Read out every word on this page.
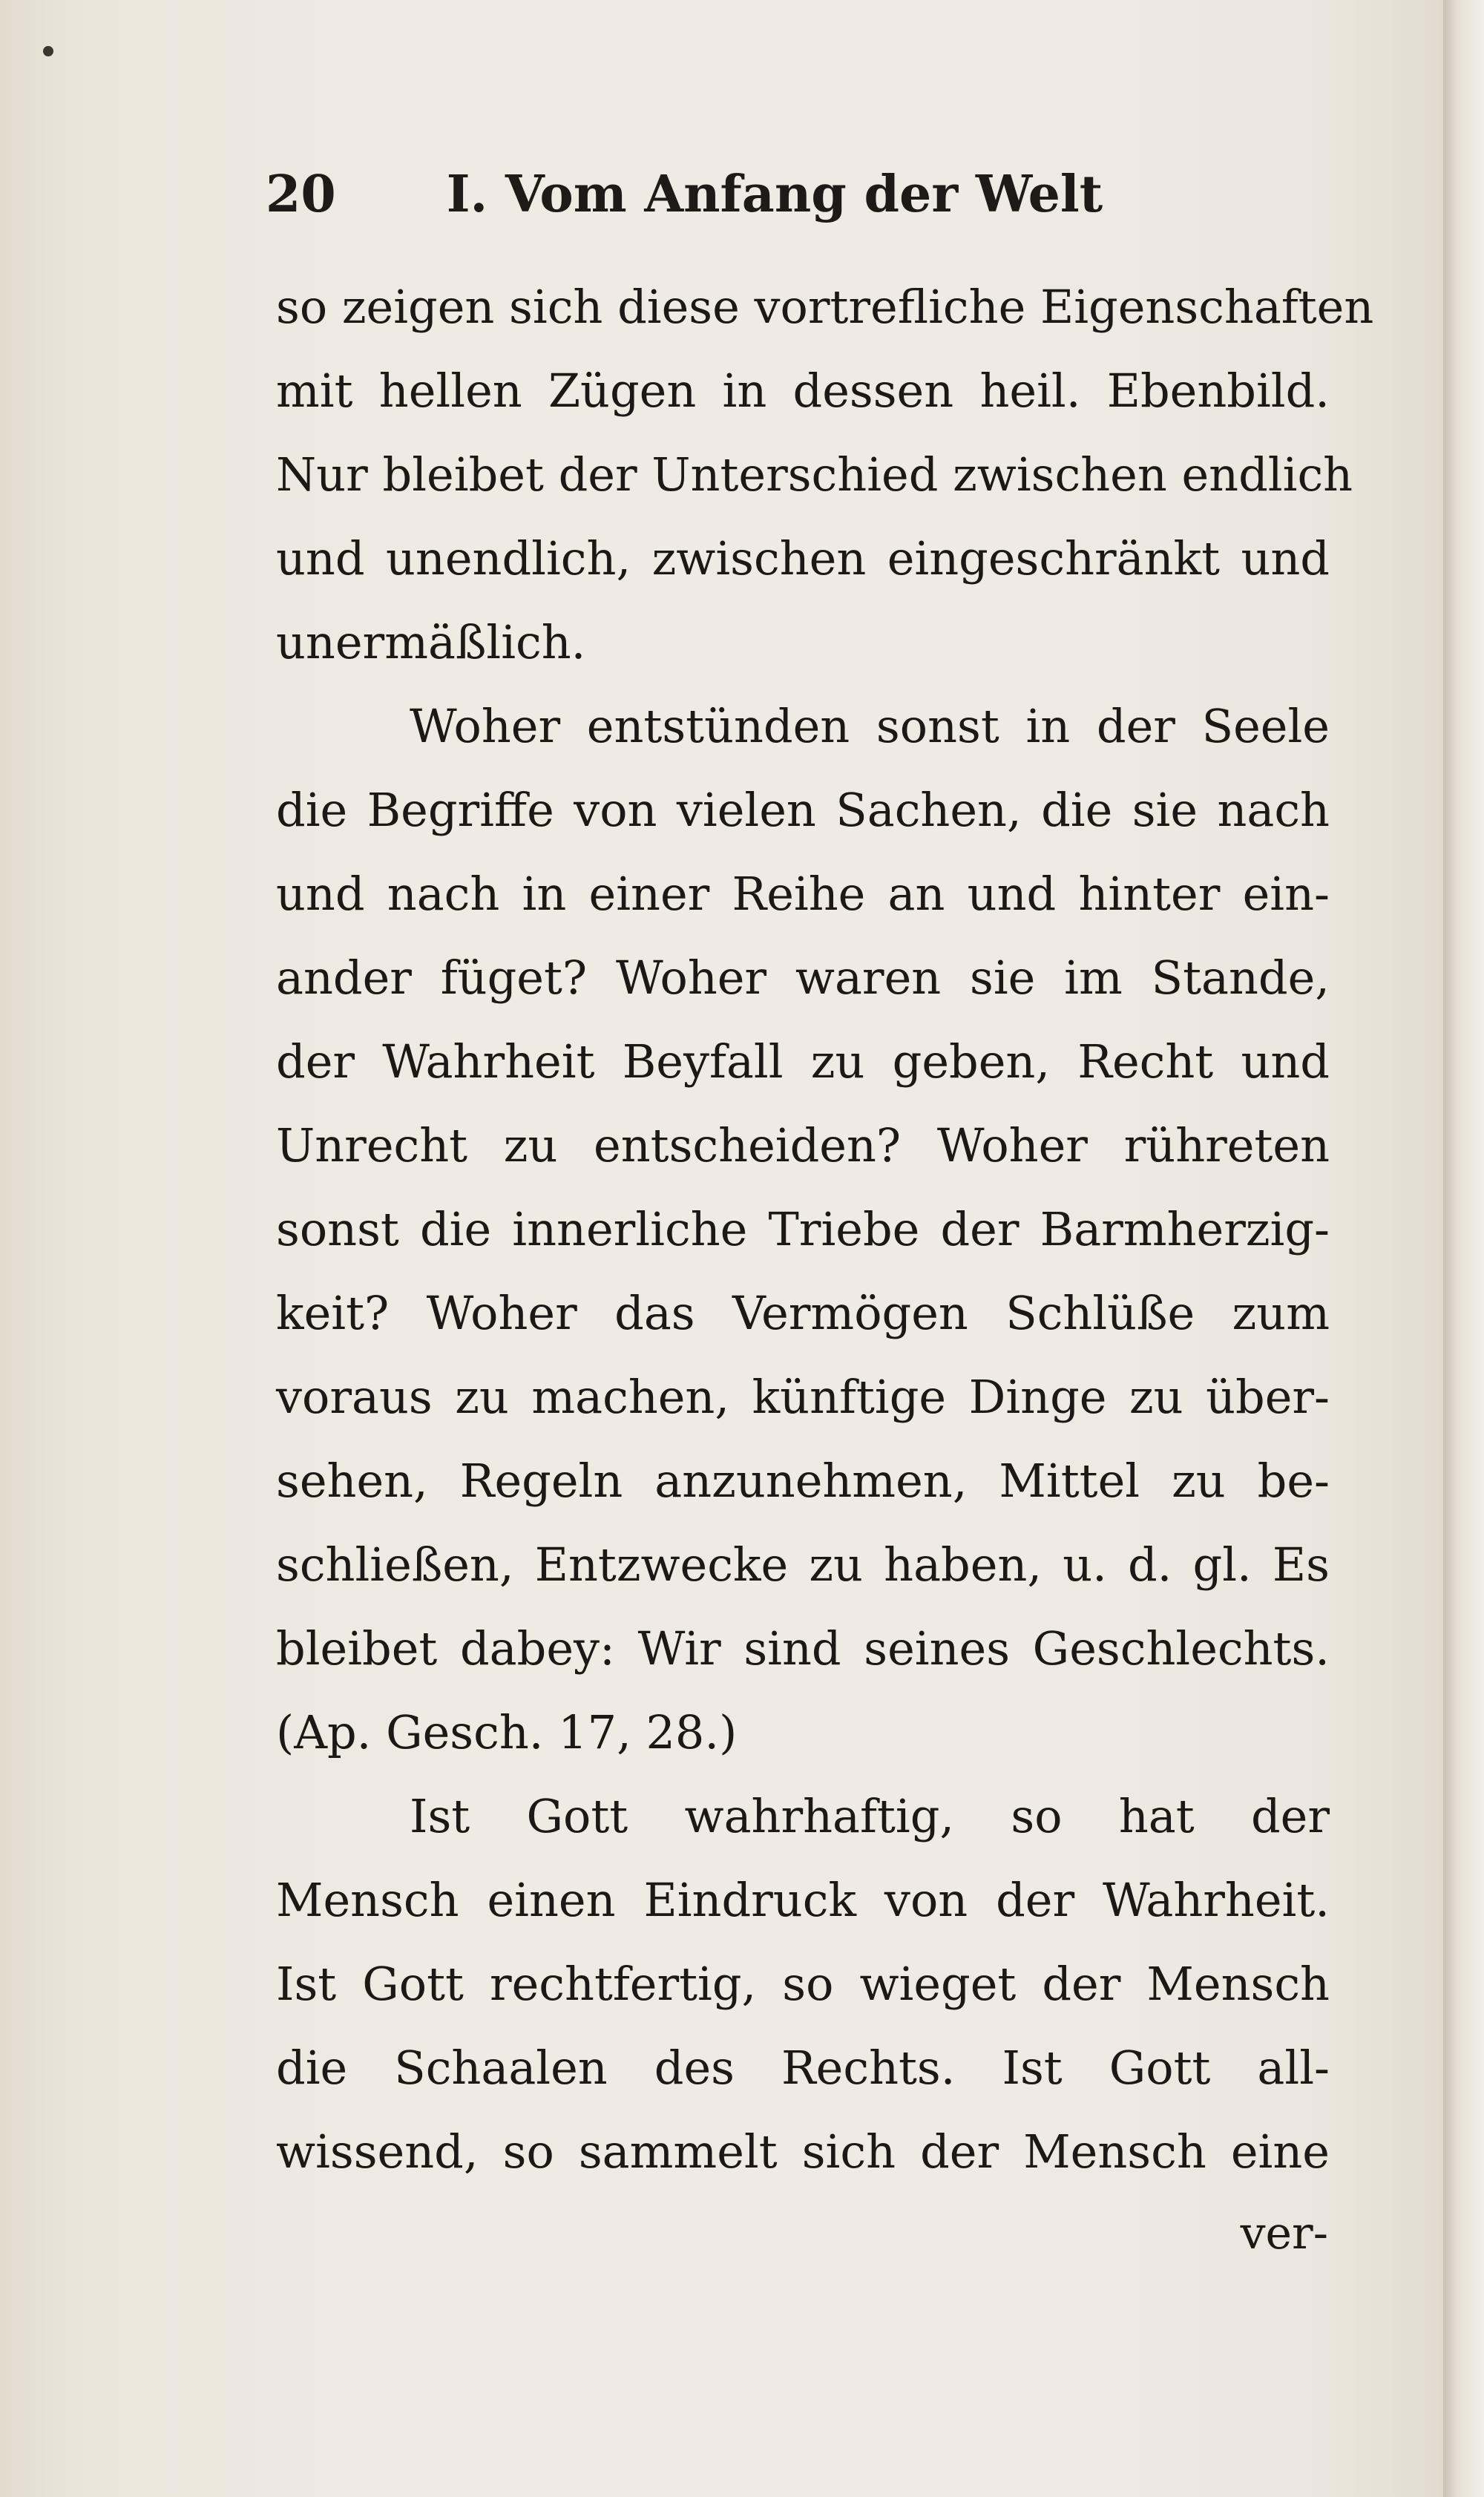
20 I. Vom Anfang der Welt
so zeigen sich diese vortrefliche Eigenschaften
mit hellen Zügen in dessen heil. Ebenbild.
Nur bleibet der Unterschied zwischen endlich
und unendlich, zwischen eingeschränkt und
unermäßlich.
Woher entstünden sonst in der Seele
die Begriffe von vielen Sachen, die sie nach
und nach in einer Reihe an und hinter ein-
ander füget? Woher waren sie im Stande,
der Wahrheit Beyfall zu geben, Recht und
Unrecht zu entscheiden? Woher rühreten
sonst die innerliche Triebe der Barmherzig-
keit? Woher das Vermögen Schlüße zum
voraus zu machen, künftige Dinge zu über-
sehen, Regeln anzunehmen, Mittel zu be-
schließen, Entzwecke zu haben, u. d. gl. Es
bleibet dabey: Wir sind seines Geschlechts.
(Ap. Gesch. 17, 28.)
Ist Gott wahrhaftig, so hat der
Mensch einen Eindruck von der Wahrheit.
Ist Gott rechtfertig, so wieget der Mensch
die Schaalen des Rechts. Ist Gott all-
wissend, so sammelt sich der Mensch eine
ver-
